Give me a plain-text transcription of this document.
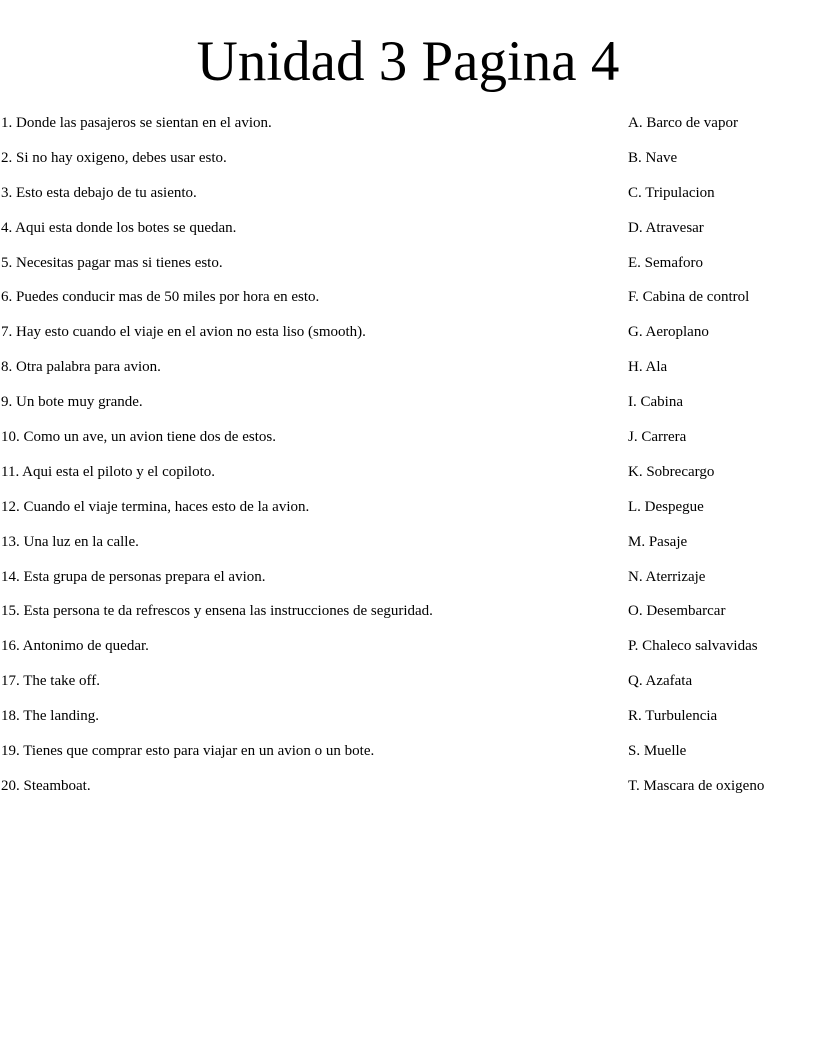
Unidad 3 Pagina 4
1. Donde las pasajeros se sientan en el avion.	A. Barco de vapor
2. Si no hay oxigeno, debes usar esto.	B. Nave
3. Esto esta debajo de tu asiento.	C. Tripulacion
4. Aqui esta donde los botes se quedan.	D. Atravesar
5. Necesitas pagar mas si tienes esto.	E. Semaforo
6. Puedes conducir mas de 50 miles por hora en esto.	F. Cabina de control
7. Hay esto cuando el viaje en el avion no esta liso (smooth).	G. Aeroplano
8. Otra palabra para avion.	H. Ala
9. Un bote muy grande.	I. Cabina
10. Como un ave, un avion tiene dos de estos.	J. Carrera
11. Aqui esta el piloto y el copiloto.	K. Sobrecargo
12. Cuando el viaje termina, haces esto de la avion.	L. Despegue
13. Una luz en la calle.	M. Pasaje
14. Esta grupa de personas prepara el avion.	N. Aterrizaje
15. Esta persona te da refrescos y ensena las instrucciones de seguridad.	O. Desembarcar
16. Antonimo de quedar.	P. Chaleco salvavidas
17. The take off.	Q. Azafata
18. The landing.	R. Turbulencia
19. Tienes que comprar esto para viajar en un avion o un bote.	S. Muelle
20. Steamboat.	T. Mascara de oxigeno
